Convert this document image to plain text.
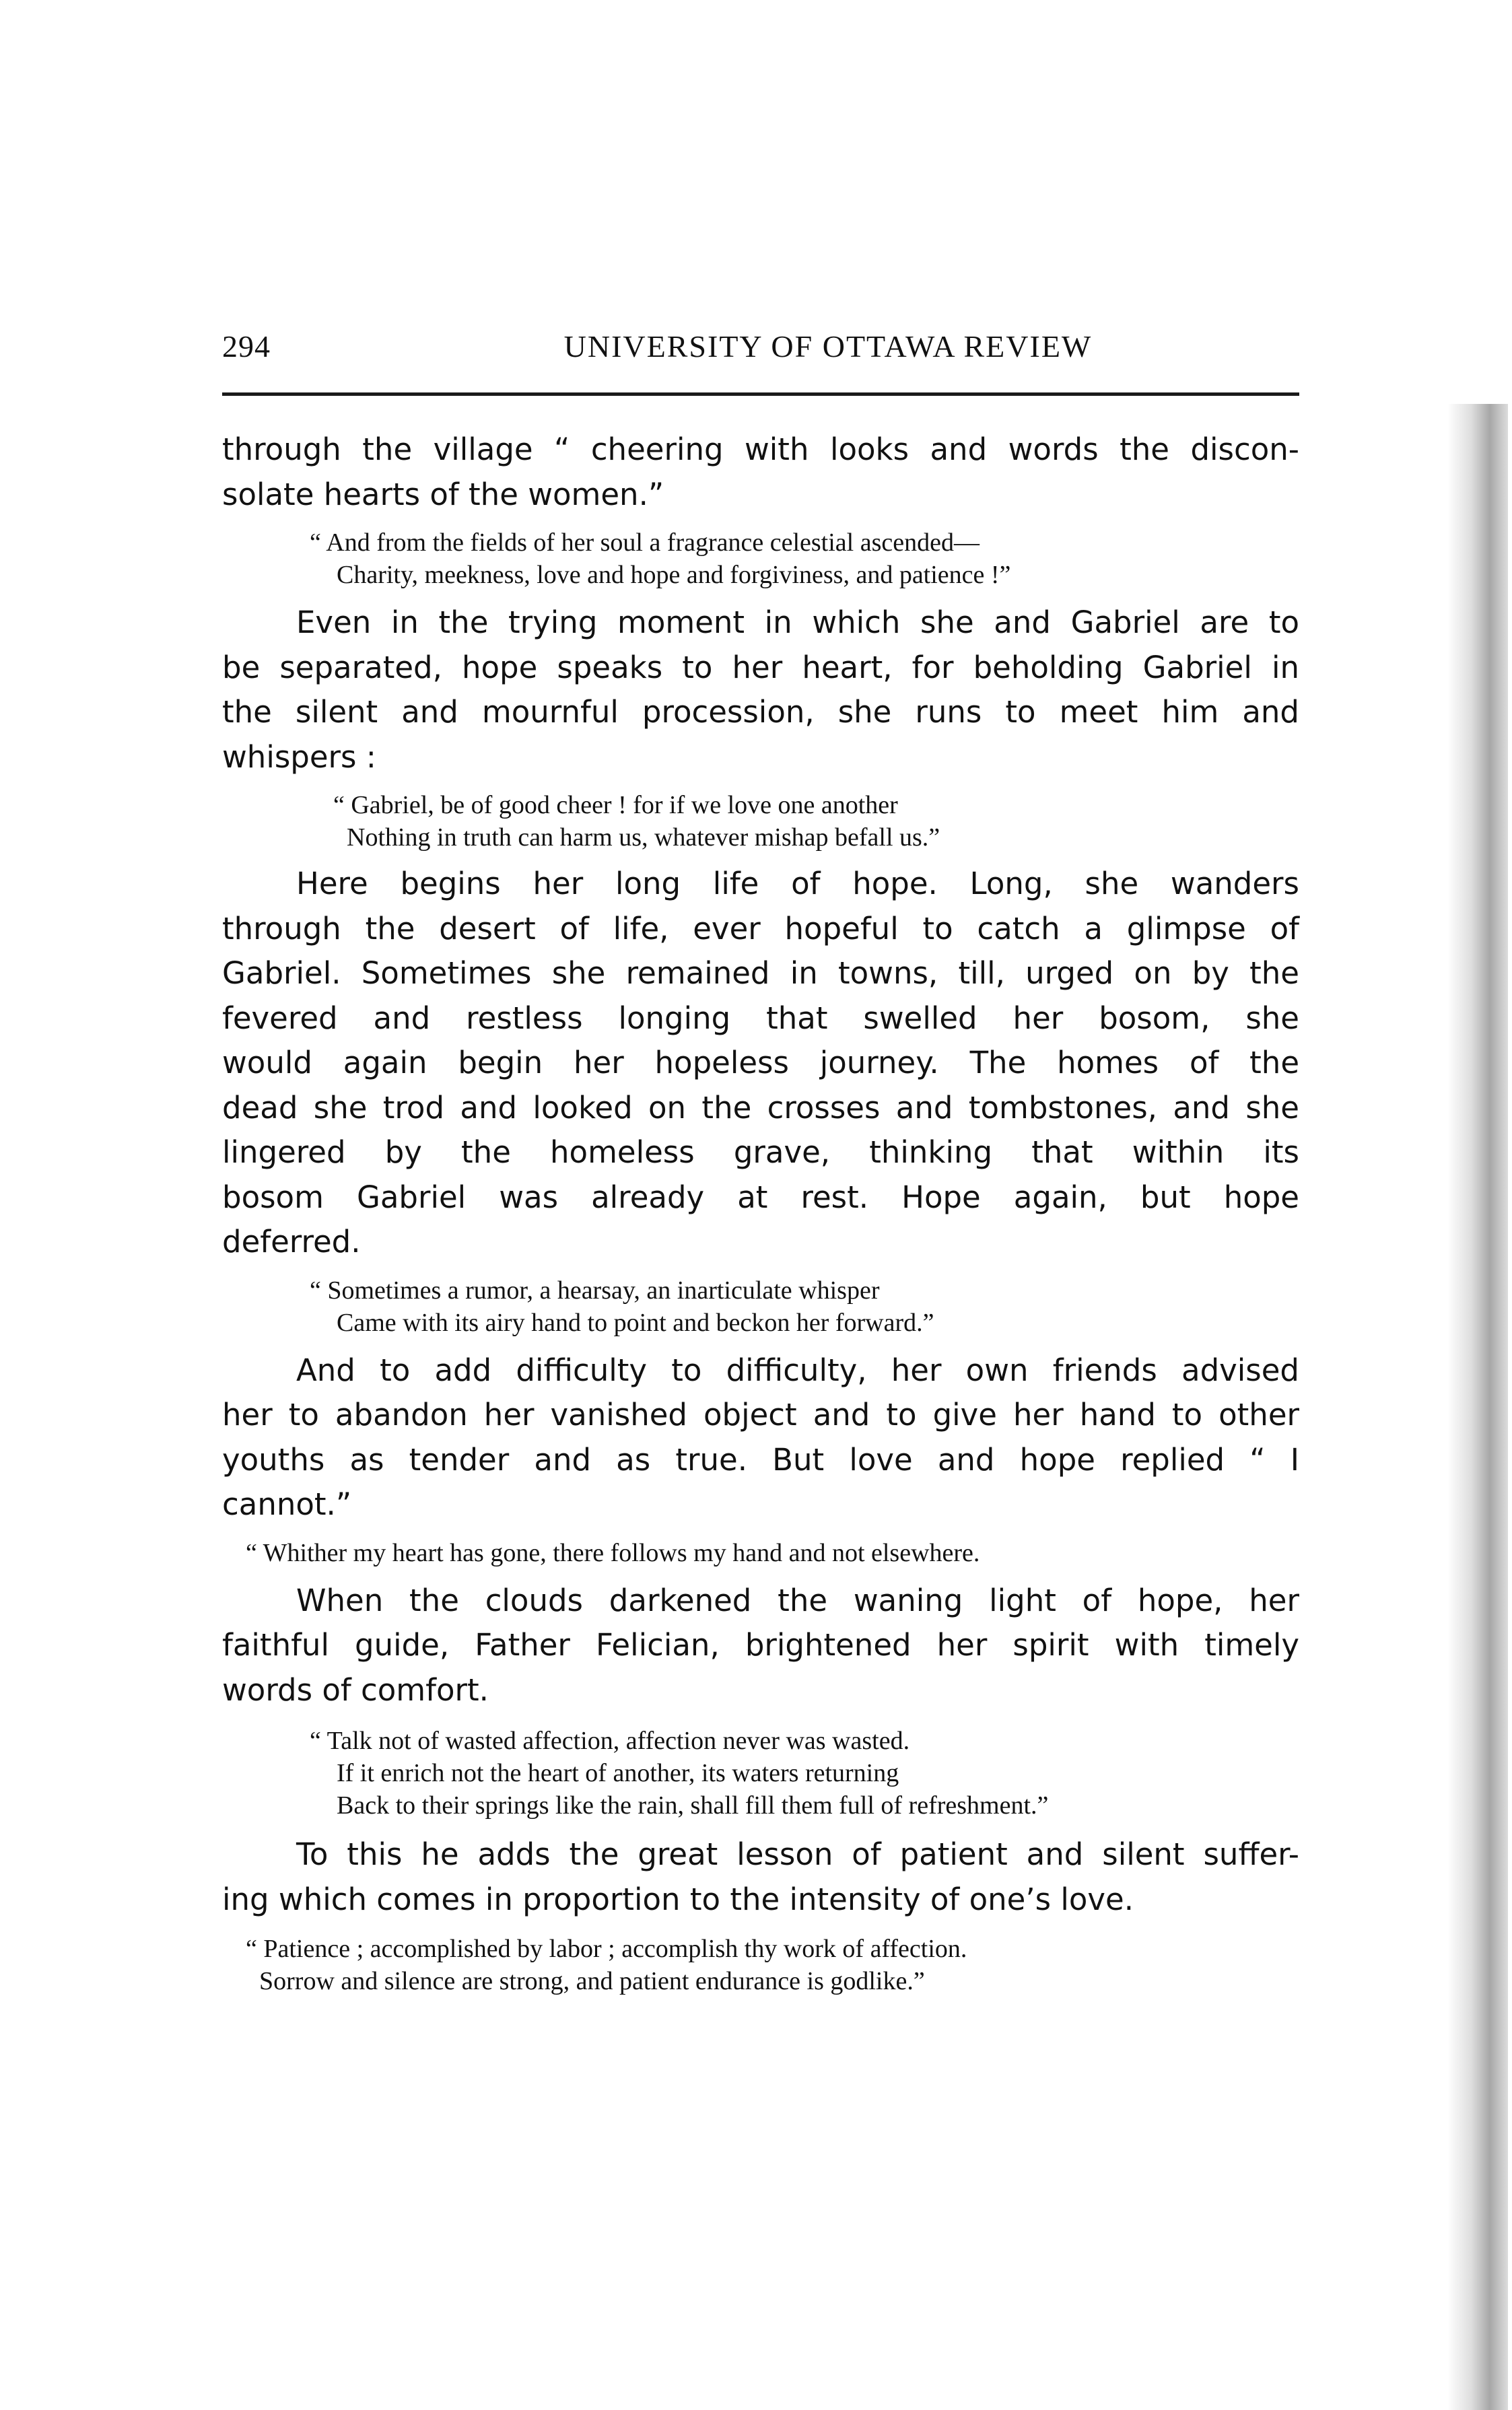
294	UNIVERSITY OF OTTAWA REVIEW

through the village “ cheering with looks and words the discon-
solate hearts of the women.”

“ And from the fields of her soul a fragrance celestial ascended—
Charity, meekness, love and hope and forgiviness, and patience !”

Even in the trying moment in which she and Gabriel are to
be separated, hope speaks to her heart, for beholding Gabriel in
the silent and mournful procession, she runs to meet him and
whispers :

“ Gabriel, be of good cheer ! for if we love one another
Nothing in truth can harm us, whatever mishap befall us.”

Here begins her long life of hope. Long, she wanders
through the desert of life, ever hopeful to catch a glimpse of
Gabriel. Sometimes she remained in towns, till, urged on by the
fevered and restless longing that swelled her bosom, she
would again begin her hopeless journey. The homes of the
dead she trod and looked on the crosses and tombstones, and she
lingered by the homeless grave, thinking that within its
bosom Gabriel was already at rest. Hope again, but hope
deferred.

“ Sometimes a rumor, a hearsay, an inarticulate whisper
Came with its airy hand to point and beckon her forward.”

And to add difficulty to difficulty, her own friends advised
her to abandon her vanished object and to give her hand to other
youths as tender and as true. But love and hope replied “ I
cannot.”

“ Whither my heart has gone, there follows my hand and not elsewhere.

When the clouds darkened the waning light of hope, her
faithful guide, Father Felician, brightened her spirit with timely
words of comfort.

“ Talk not of wasted affection, affection never was wasted.
If it enrich not the heart of another, its waters returning
Back to their springs like the rain, shall fill them full of refreshment.”

To this he adds the great lesson of patient and silent suffer-
ing which comes in proportion to the intensity of one’s love.

“ Patience ; accomplished by labor ; accomplish thy work of affection.
Sorrow and silence are strong, and patient endurance is godlike.”
